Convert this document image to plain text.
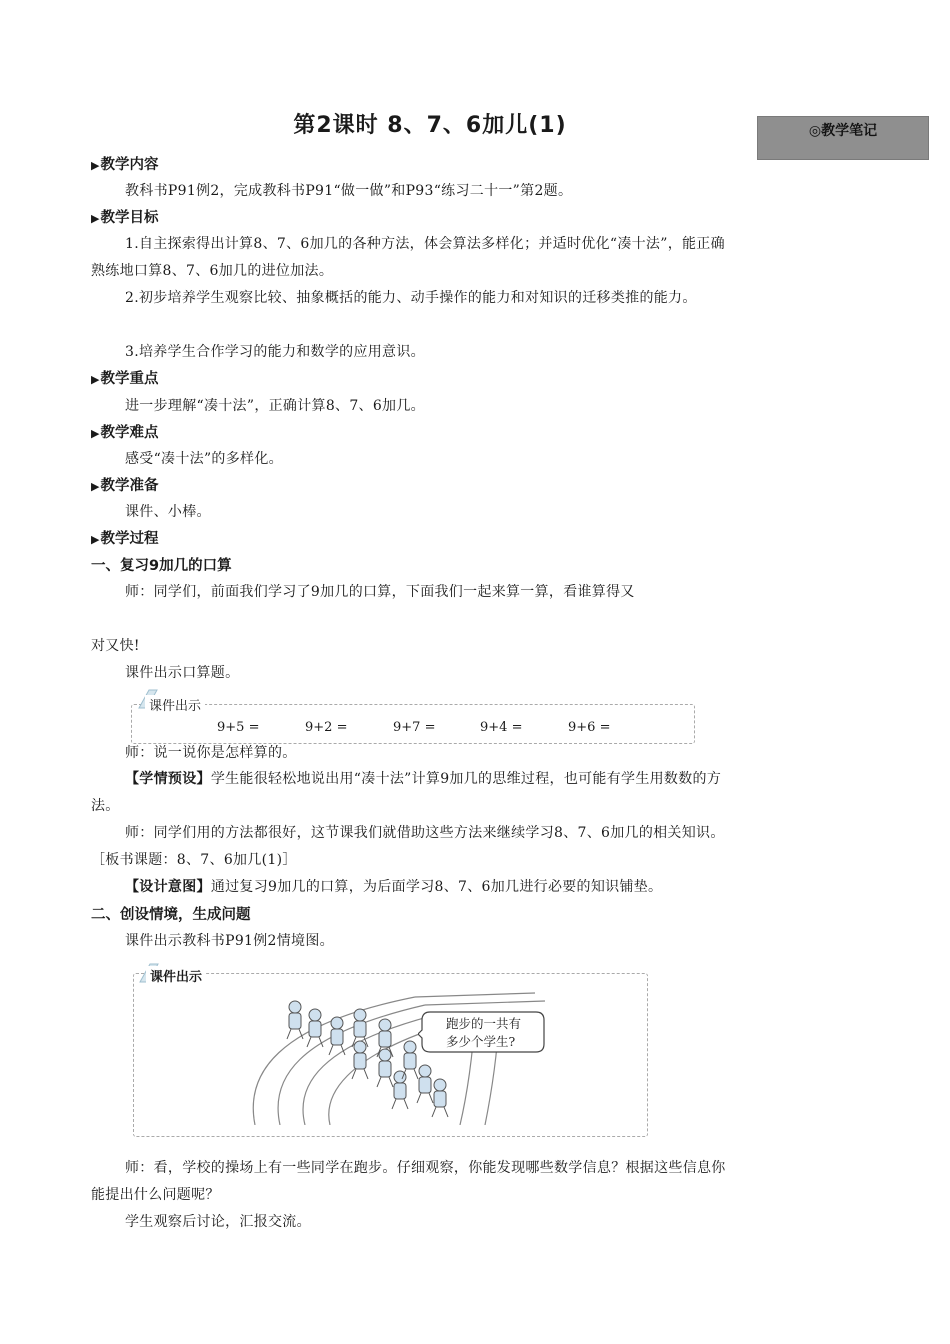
第2课时 8、7、6加儿(1)	◎教学笔记
▶教学内容
教科书P91例2，完成教科书P91“做一做”和P93“练习二十一”第2题。
▶教学目标
1.自主探索得出计算8、7、6加几的各种方法，体会算法多样化；并适时优化“凑十法”，能正确熟练地口算8、7、6加几的进位加法。
2.初步培养学生观察比较、抽象概括的能力、动手操作的能力和对知识的迁移类推的能力。
3.培养学生合作学习的能力和数学的应用意识。
▶教学重点
进一步理解“凑十法”，正确计算8、7、6加几。
▶教学难点
感受“凑十法”的多样化。
▶教学准备
课件、小棒。
▶教学过程
一、复习9加几的口算
师：同学们，前面我们学习了9加几的口算，下面我们一起来算一算，看谁算得又
对又快!
课件出示口算题。
课件出示
9+5 =	9+2 =	9+7 =	9+4 =	9+6 =
师：说一说你是怎样算的。
【学情预设】学生能很轻松地说出用“凑十法”计算9加几的思维过程，也可能有学生用数数的方法。
师：同学们用的方法都很好，这节课我们就借助这些方法来继续学习8、7、6加几的相关知识。［板书课题：8、7、6加几(1)］
【设计意图】通过复习9加几的口算，为后面学习8、7、6加几进行必要的知识铺垫。
二、创设情境，生成问题
课件出示教科书P91例2情境图。
课件出示
跑步的一共有
多少个学生?
师：看，学校的操场上有一些同学在跑步。仔细观察，你能发现哪些数学信息？根据这些信息你能提出什么问题呢？
学生观察后讨论，汇报交流。
